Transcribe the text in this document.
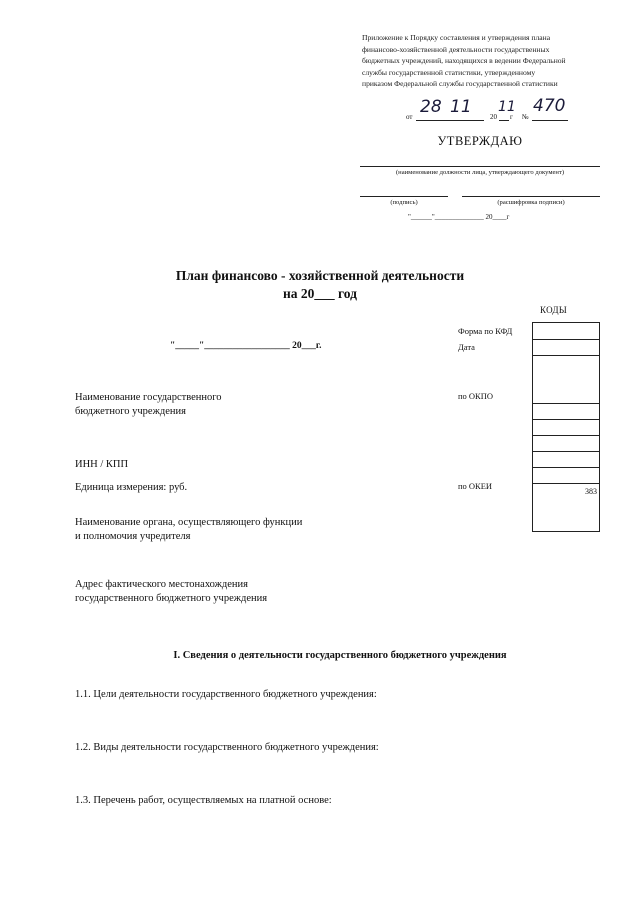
Приложение к Порядку составления и утверждения плана
финансово-хозяйственной деятельности государственных
бюджетных учреждений, находящихся в ведении Федеральной
службы государственной статистики, утвержденному
приказом Федеральной службы государственной статистики
от 28 11	20
11
г №
470
УТВЕРЖДАЮ
(наименование должности лица, утверждающего документ)
(подпись)	(расшифровка подписи)
"______"______________ 20____г
План финансово - хозяйственной деятельности
на 20___ год
КОДЫ
Форма по КФД
Дата
по ОКПО
по ОКЕИ
383
"_____"__________________ 20___г.
Наименование государственного бюджетного учреждения
ИНН / КПП
Единица измерения: руб.
Наименование органа, осуществляющего функции и полномочия учредителя
Адрес фактического местонахождения государственного бюджетного учреждения
I. Сведения о деятельности государственного бюджетного учреждения
1.1. Цели деятельности государственного бюджетного учреждения:
1.2. Виды деятельности государственного бюджетного учреждения:
1.3. Перечень работ, осуществляемых на платной основе:
